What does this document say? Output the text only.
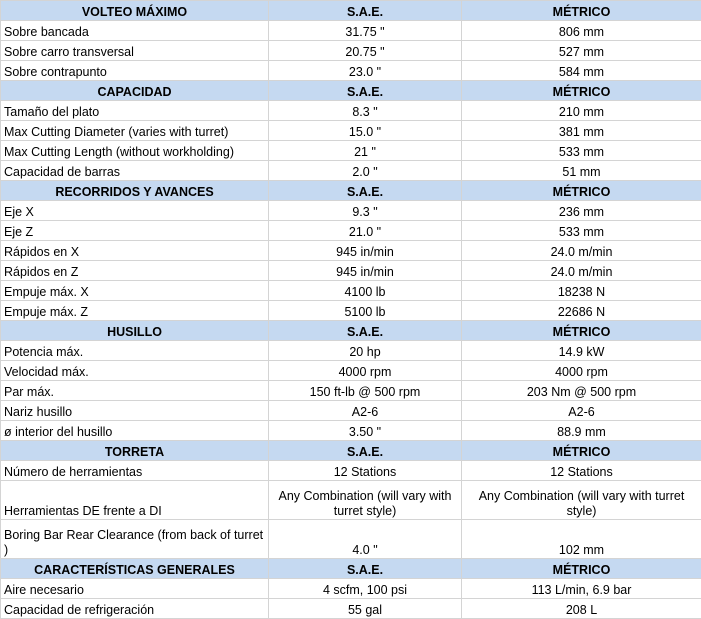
VOLTEO MÁXIMO	S.A.E.	MÉTRICO
Sobre bancada	31.75 "	806 mm
Sobre carro transversal	20.75 "	527 mm
Sobre contrapunto	23.0 "	584 mm
CAPACIDAD	S.A.E.	MÉTRICO
Tamaño del plato	8.3 "	210 mm
Max Cutting Diameter (varies with turret)	15.0 "	381 mm
Max Cutting Length (without workholding)	21 "	533 mm
Capacidad de barras	2.0 "	51 mm
RECORRIDOS Y AVANCES	S.A.E.	MÉTRICO
Eje X	9.3 "	236 mm
Eje Z	21.0 "	533 mm
Rápidos en X	945 in/min	24.0 m/min
Rápidos en Z	945 in/min	24.0 m/min
Empuje máx. X	4100 lb	18238 N
Empuje máx. Z	5100 lb	22686 N
HUSILLO	S.A.E.	MÉTRICO
Potencia máx.	20 hp	14.9 kW
Velocidad máx.	4000 rpm	4000 rpm
Par máx.	150 ft-lb @ 500 rpm	203 Nm @ 500 rpm
Nariz husillo	A2-6	A2-6
ø interior del husillo	3.50 "	88.9 mm
TORRETA	S.A.E.	MÉTRICO
Número de herramientas	12 Stations	12 Stations
Herramientas DE frente a DI	Any Combination (will vary with turret style)	Any Combination (will vary with turret style)
Boring Bar Rear Clearance (from back of turret )	4.0 "	102 mm
CARACTERÍSTICAS GENERALES	S.A.E.	MÉTRICO
Aire necesario	4 scfm, 100 psi	113 L/min, 6.9 bar
Capacidad de refrigeración	55 gal	208 L
